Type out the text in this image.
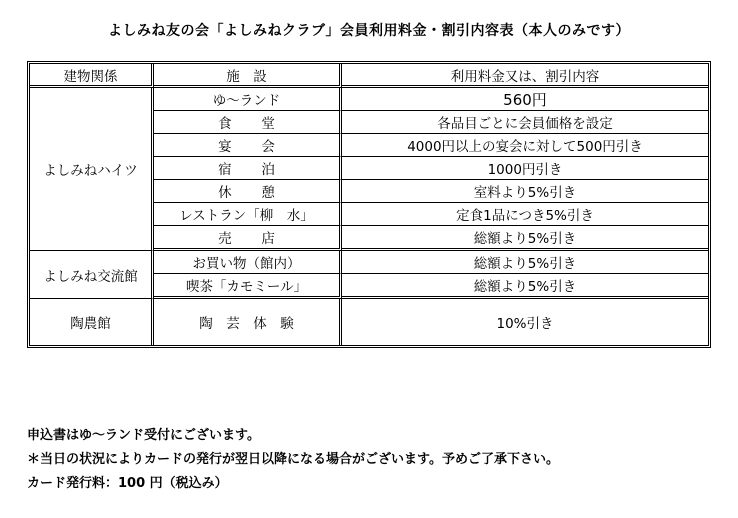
よしみね友の会「よしみねクラブ」会員利用料金・割引内容表（本人のみです）
建物関係	施　設	利用料金又は、割引内容
よしみねハイツ	ゆ～ランド	560円
	食堂	各品目ごとに会員価格を設定
	宴会	4000円以上の宴会に対して500円引き
	宿泊	1000円引き
	休憩	室料より5%引き
	レストラン「柳　水」	定食1品につき5%引き
	売店	総額より5%引き
よしみね交流館	お買い物（館内）	総額より5%引き
	喫茶「カモミール」	総額より5%引き
陶農館	陶芸体験	10%引き
申込書はゆ～ランド受付にございます。
＊当日の状況によりカードの発行が翌日以降になる場合がございます。予めご了承下さい。
カード発行料：100 円（税込み）
